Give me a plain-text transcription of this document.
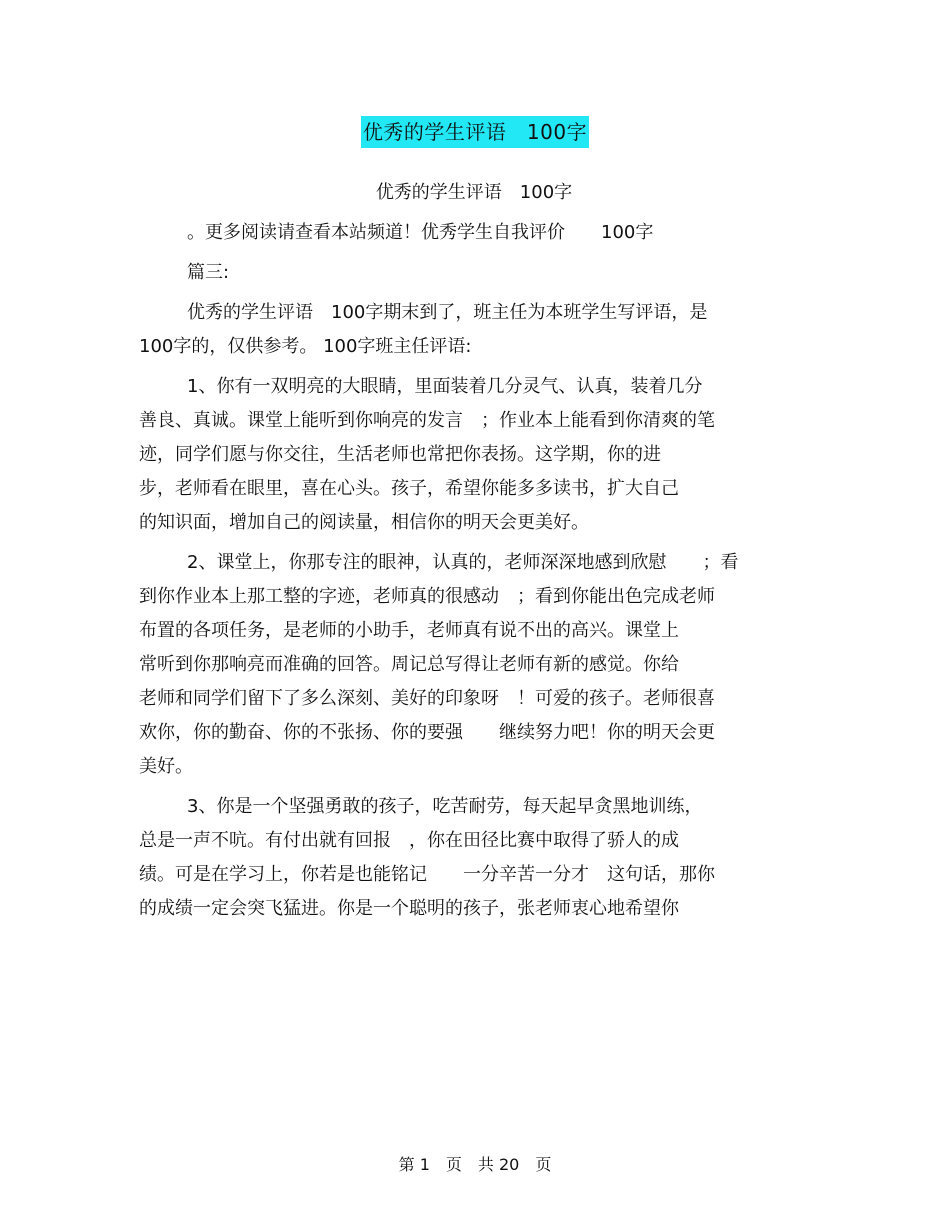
优秀的学生评语　100字

优秀的学生评语　100字

。更多阅读请查看本站频道！优秀学生自我评价　　100字

篇三:

优秀的学生评语　100字期末到了，班主任为本班学生写评语，是

100字的，仅供参考。 100字班主任评语:

1、你有一双明亮的大眼睛，里面装着几分灵气、认真，装着几分

善良、真诚。课堂上能听到你响亮的发言　；作业本上能看到你清爽的笔

迹，同学们愿与你交往，生活老师也常把你表扬。这学期，你的进

步，老师看在眼里，喜在心头。孩子，希望你能多多读书，扩大自己

的知识面，增加自己的阅读量，相信你的明天会更美好。

2、课堂上，你那专注的眼神，认真的，老师深深地感到欣慰　　；看

到你作业本上那工整的字迹，老师真的很感动　；看到你能出色完成老师

布置的各项任务，是老师的小助手，老师真有说不出的高兴。课堂上

常听到你那响亮而准确的回答。周记总写得让老师有新的感觉。你给

老师和同学们留下了多么深刻、美好的印象呀　！可爱的孩子。老师很喜

欢你，你的勤奋、你的不张扬、你的要强　　继续努力吧！你的明天会更

美好。

3、你是一个坚强勇敢的孩子，吃苦耐劳，每天起早贪黑地训练，

总是一声不吭。有付出就有回报　，你在田径比赛中取得了骄人的成

绩。可是在学习上，你若是也能铭记　　一分辛苦一分才　这句话，那你

的成绩一定会突飞猛进。你是一个聪明的孩子，张老师衷心地希望你

第 1　页　共 20　页
